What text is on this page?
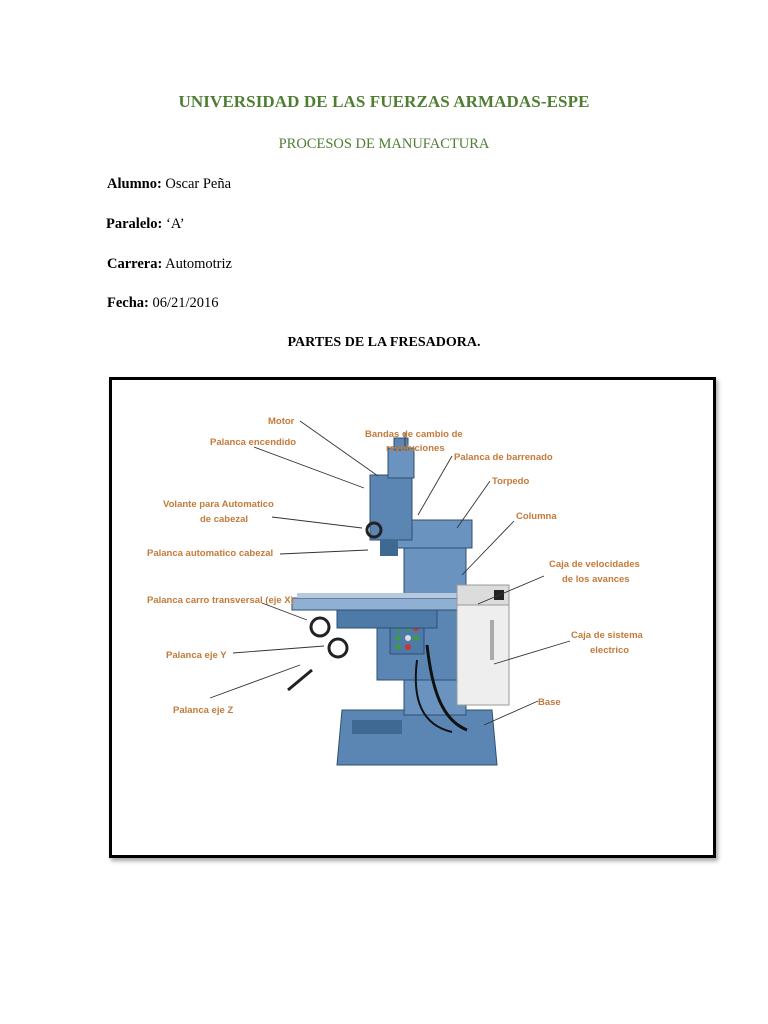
UNIVERSIDAD DE LAS FUERZAS ARMADAS-ESPE
PROCESOS DE MANUFACTURA
Alumno: Oscar Peña
Paralelo: ‘A’
Carrera: Automotriz
Fecha: 06/21/2016
PARTES DE LA FRESADORA.
Motor
Bandas de cambio de
revoluciones
Palanca encendido
Palanca de barrenado
Torpedo
Volante para Automatico
de cabezal	Columna
Palanca automatico cabezal
Caja de velocidades
de los avances
Palanca carro transversal (eje X)
Caja de sistema
electrico
Palanca eje Y
Palanca eje Z
Base
